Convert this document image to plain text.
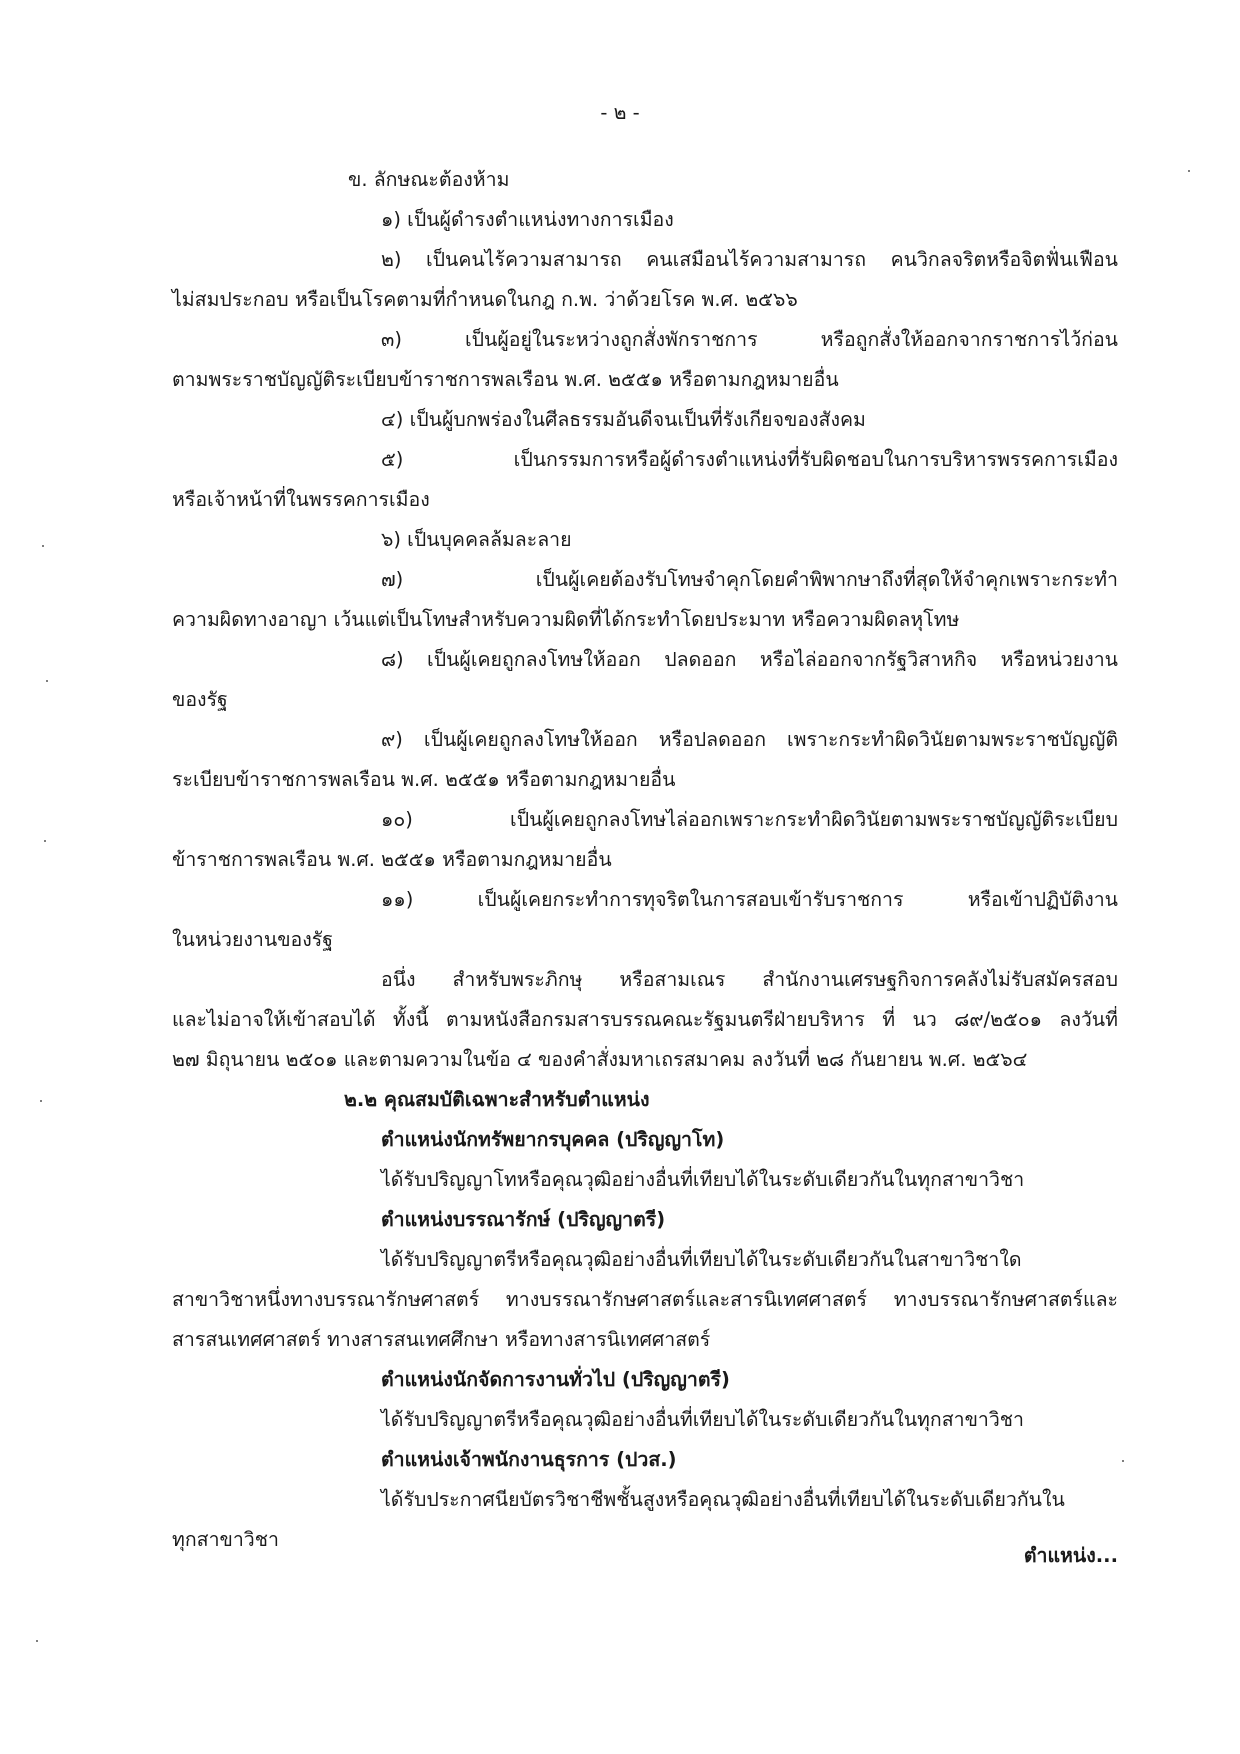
- ๒ -

ข. ลักษณะต้องห้าม

๑) เป็นผู้ดำรงตำแหน่งทางการเมือง

๒) เป็นคนไร้ความสามารถ คนเสมือนไร้ความสามารถ คนวิกลจริตหรือจิตฟั่นเฟือน

ไม่สมประกอบ หรือเป็นโรคตามที่กำหนดในกฎ ก.พ. ว่าด้วยโรค พ.ศ. ๒๕๖๖

๓) เป็นผู้อยู่ในระหว่างถูกสั่งพักราชการ หรือถูกสั่งให้ออกจากราชการไว้ก่อน

ตามพระราชบัญญัติระเบียบข้าราชการพลเรือน พ.ศ. ๒๕๕๑ หรือตามกฎหมายอื่น

๔) เป็นผู้บกพร่องในศีลธรรมอันดีจนเป็นที่รังเกียจของสังคม

๕) เป็นกรรมการหรือผู้ดำรงตำแหน่งที่รับผิดชอบในการบริหารพรรคการเมือง

หรือเจ้าหน้าที่ในพรรคการเมือง

๖) เป็นบุคคลล้มละลาย

๗) เป็นผู้เคยต้องรับโทษจำคุกโดยคำพิพากษาถึงที่สุดให้จำคุกเพราะกระทำ

ความผิดทางอาญา เว้นแต่เป็นโทษสำหรับความผิดที่ได้กระทำโดยประมาท หรือความผิดลหุโทษ

๘) เป็นผู้เคยถูกลงโทษให้ออก ปลดออก หรือไล่ออกจากรัฐวิสาหกิจ หรือหน่วยงาน

ของรัฐ

๙) เป็นผู้เคยถูกลงโทษให้ออก หรือปลดออก เพราะกระทำผิดวินัยตามพระราชบัญญัติ

ระเบียบข้าราชการพลเรือน พ.ศ. ๒๕๕๑ หรือตามกฎหมายอื่น

๑๐) เป็นผู้เคยถูกลงโทษไล่ออกเพราะกระทำผิดวินัยตามพระราชบัญญัติระเบียบ

ข้าราชการพลเรือน พ.ศ. ๒๕๕๑ หรือตามกฎหมายอื่น

๑๑) เป็นผู้เคยกระทำการทุจริตในการสอบเข้ารับราชการ หรือเข้าปฏิบัติงาน

ในหน่วยงานของรัฐ

อนึ่ง สำหรับพระภิกษุ หรือสามเณร สำนักงานเศรษฐกิจการคลังไม่รับสมัครสอบ

และไม่อาจให้เข้าสอบได้ ทั้งนี้ ตามหนังสือกรมสารบรรณคณะรัฐมนตรีฝ่ายบริหาร ที่ นว ๘๙/๒๕๐๑ ลงวันที่

๒๗ มิถุนายน ๒๕๐๑ และตามความในข้อ ๔ ของคำสั่งมหาเถรสมาคม ลงวันที่ ๒๘ กันยายน พ.ศ. ๒๕๖๔

๒.๒ คุณสมบัติเฉพาะสำหรับตำแหน่ง

ตำแหน่งนักทรัพยากรบุคคล (ปริญญาโท)

ได้รับปริญญาโทหรือคุณวุฒิอย่างอื่นที่เทียบได้ในระดับเดียวกันในทุกสาขาวิชา

ตำแหน่งบรรณารักษ์ (ปริญญาตรี)

ได้รับปริญญาตรีหรือคุณวุฒิอย่างอื่นที่เทียบได้ในระดับเดียวกันในสาขาวิชาใด

สาขาวิชาหนึ่งทางบรรณารักษศาสตร์ ทางบรรณารักษศาสตร์และสารนิเทศศาสตร์ ทางบรรณารักษศาสตร์และ

สารสนเทศศาสตร์ ทางสารสนเทศศึกษา หรือทางสารนิเทศศาสตร์

ตำแหน่งนักจัดการงานทั่วไป (ปริญญาตรี)

ได้รับปริญญาตรีหรือคุณวุฒิอย่างอื่นที่เทียบได้ในระดับเดียวกันในทุกสาขาวิชา

ตำแหน่งเจ้าพนักงานธุรการ (ปวส.)

ได้รับประกาศนียบัตรวิชาชีพชั้นสูงหรือคุณวุฒิอย่างอื่นที่เทียบได้ในระดับเดียวกันใน

ทุกสาขาวิชา

ตำแหน่ง...
